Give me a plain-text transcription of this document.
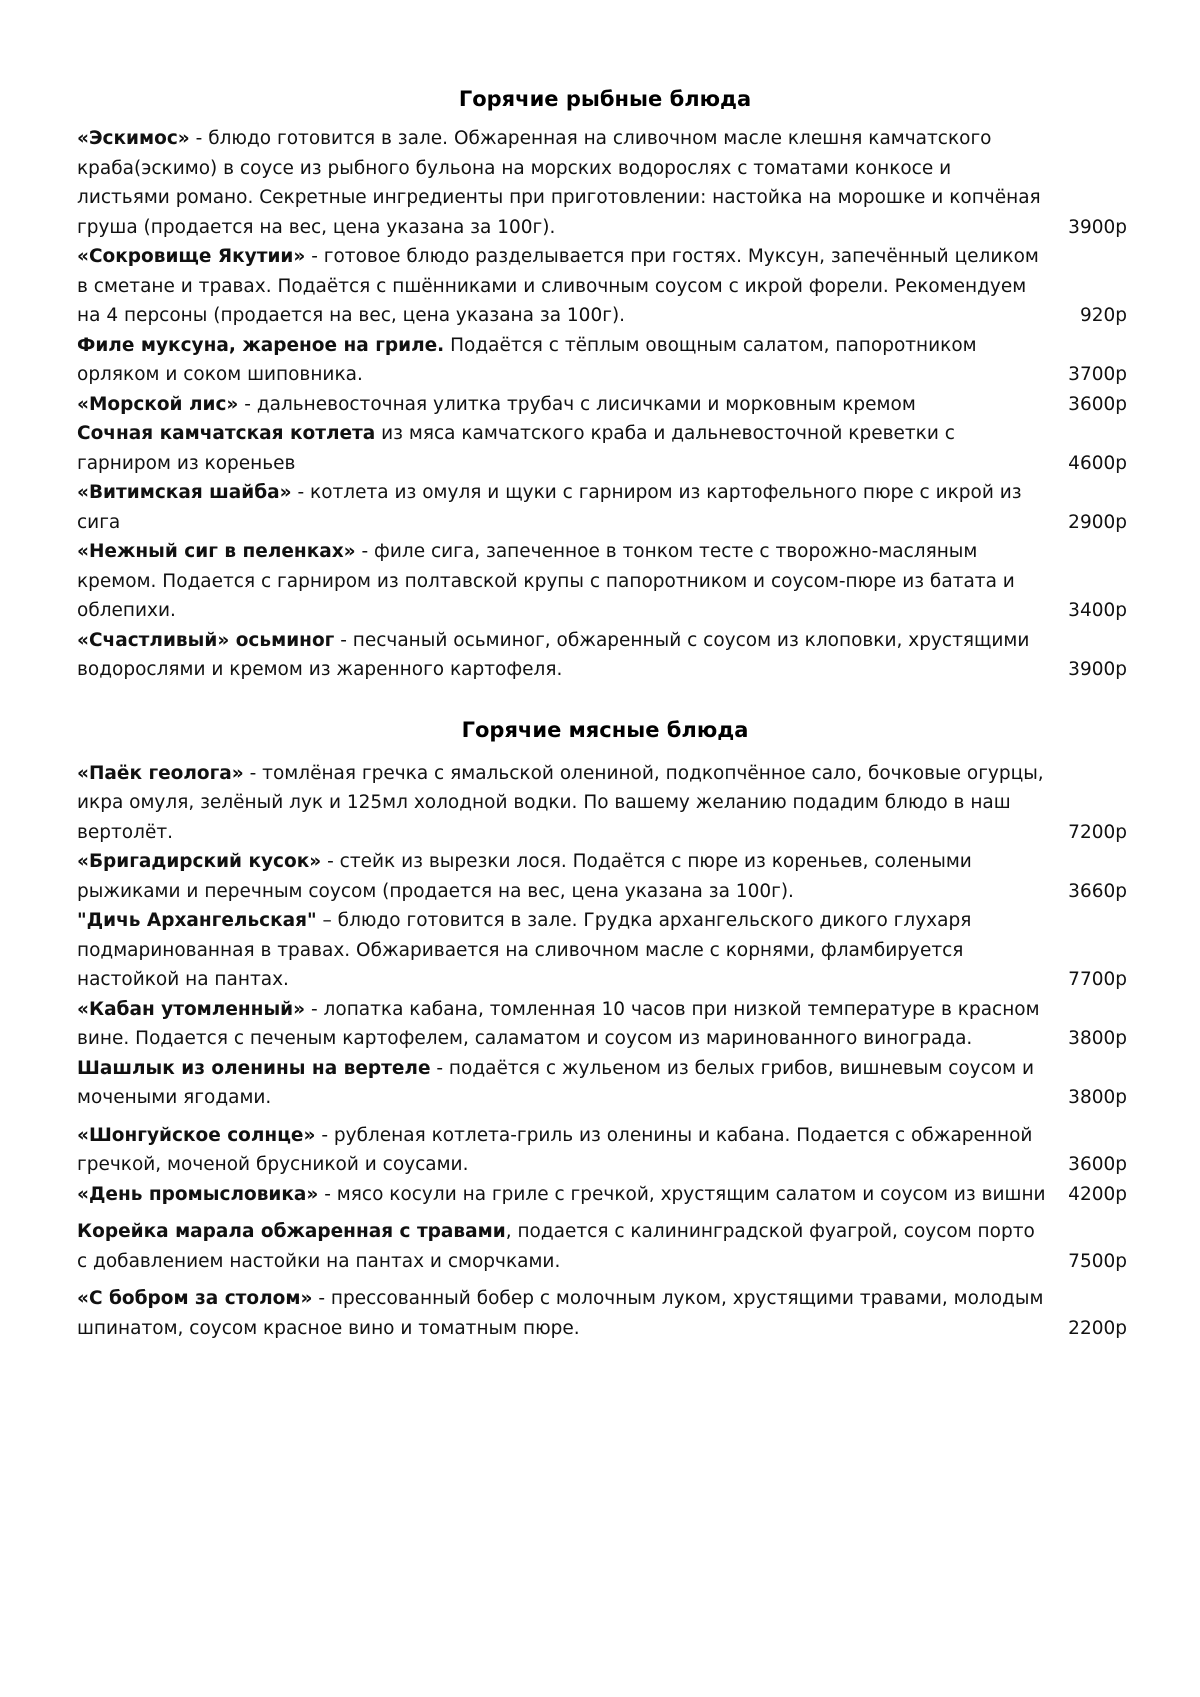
Горячие рыбные блюда
«Эскимос» - блюдо готовится в зале. Обжаренная на сливочном масле клешня камчатского краба(эскимо) в соусе из рыбного бульона на морских водорослях с томатами конкосе и листьями романо. Секретные ингредиенты при приготовлении: настойка на морошке и копчёная груша (продается на вес, цена указана за 100г).	3900р
«Сокровище Якутии» - готовое блюдо разделывается при гостях. Муксун, запечённый целиком в сметане и травах. Подаётся с пшённиками и сливочным соусом с икрой форели. Рекомендуем на 4 персоны (продается на вес, цена указана за 100г).	920р
Филе муксуна, жареное на гриле. Подаётся с тёплым овощным салатом, папоротником орляком и соком шиповника.	3700р
«Морской лис» - дальневосточная улитка трубач с лисичками и морковным кремом	3600р
Сочная камчатская котлета из мяса камчатского краба и дальневосточной креветки с гарниром из кореньев	4600р
«Витимская шайба» - котлета из омуля и щуки с гарниром из картофельного пюре с икрой из сига	2900р
«Нежный сиг в пеленках» - филе сига, запеченное в тонком тесте с творожно-масляным кремом. Подается с гарниром из полтавской крупы с папоротником и соусом-пюре из батата и облепихи.	3400р
«Счастливый» осьминог - песчаный осьминог, обжаренный с соусом из клоповки, хрустящими водорослями и кремом из жаренного картофеля.	3900р
Горячие мясные блюда
«Паёк геолога» - томлёная гречка с ямальской олениной, подкопчённое сало, бочковые огурцы, икра омуля, зелёный лук и 125мл холодной водки. По вашему желанию подадим блюдо в наш вертолёт.	7200р
«Бригадирский кусок» - стейк из вырезки лося. Подаётся с пюре из кореньев, солеными рыжиками и перечным соусом (продается на вес, цена указана за 100г).	3660р
"Дичь Архангельская" – блюдо готовится в зале. Грудка архангельского дикого глухаря подмаринованная в травах. Обжаривается на сливочном масле с корнями, фламбируется настойкой на пантах.	7700р
«Кабан утомленный» - лопатка кабана, томленная 10 часов при низкой температуре в красном вине. Подается с печеным картофелем, саламатом и соусом из маринованного винограда.	3800р
Шашлык из оленины на вертеле - подаётся с жульеном из белых грибов, вишневым соусом и мочеными ягодами.	3800р
«Шонгуйское солнце» - рубленая котлета-гриль из оленины и кабана. Подается с обжаренной гречкой, моченой брусникой и соусами.	3600р
«День промысловика» - мясо косули на гриле с гречкой, хрустящим салатом и соусом из вишни	4200р
Корейка марала обжаренная с травами, подается с калининградской фуагрой, соусом порто с добавлением настойки на пантах и сморчками.	7500р
«С бобром за столом» - прессованный бобер с молочным луком, хрустящими травами, молодым шпинатом, соусом красное вино и томатным пюре.	2200р
